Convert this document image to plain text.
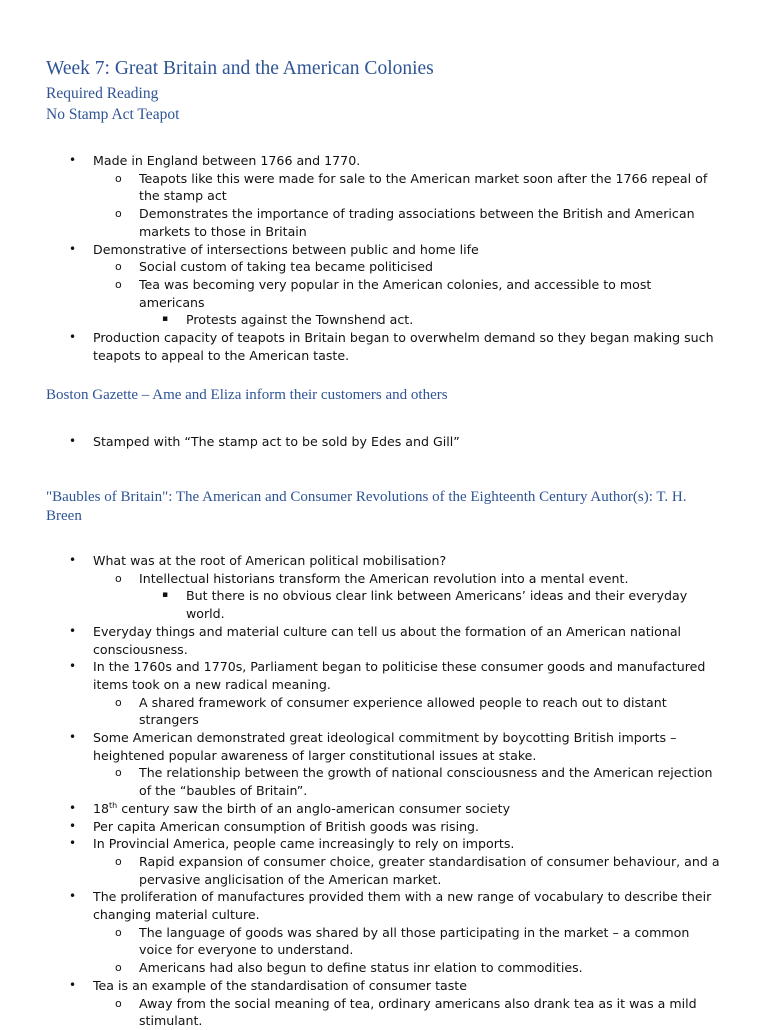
Week 7: Great Britain and the American Colonies
Required Reading
No Stamp Act Teapot
• Made in England between 1766 and 1770.
o Teapots like this were made for sale to the American market soon after the 1766 repeal of the stamp act
o Demonstrates the importance of trading associations between the British and American markets to those in Britain
• Demonstrative of intersections between public and home life
o Social custom of taking tea became politicised
o Tea was becoming very popular in the American colonies, and accessible to most americans
▪ Protests against the Townshend act.
• Production capacity of teapots in Britain began to overwhelm demand so they began making such teapots to appeal to the American taste.
Boston Gazette – Ame and Eliza inform their customers and others
• Stamped with “The stamp act to be sold by Edes and Gill”
"Baubles of Britain": The American and Consumer Revolutions of the Eighteenth Century Author(s): T. H. Breen
• What was at the root of American political mobilisation?
o Intellectual historians transform the American revolution into a mental event.
▪ But there is no obvious clear link between Americans’ ideas and their everyday world.
• Everyday things and material culture can tell us about the formation of an American national consciousness.
• In the 1760s and 1770s, Parliament began to politicise these consumer goods and manufactured items took on a new radical meaning.
o A shared framework of consumer experience allowed people to reach out to distant strangers
• Some American demonstrated great ideological commitment by boycotting British imports – heightened popular awareness of larger constitutional issues at stake.
o The relationship between the growth of national consciousness and the American rejection of the “baubles of Britain”.
• 18th century saw the birth of an anglo-american consumer society
• Per capita American consumption of British goods was rising.
• In Provincial America, people came increasingly to rely on imports.
o Rapid expansion of consumer choice, greater standardisation of consumer behaviour, and a pervasive anglicisation of the American market.
• The proliferation of manufactures provided them with a new range of vocabulary to describe their changing material culture.
o The language of goods was shared by all those participating in the market – a common voice for everyone to understand.
o Americans had also begun to define status inr elation to commodities.
• Tea is an example of the standardisation of consumer taste
o Away from the social meaning of tea, ordinary americans also drank tea as it was a mild stimulant.
